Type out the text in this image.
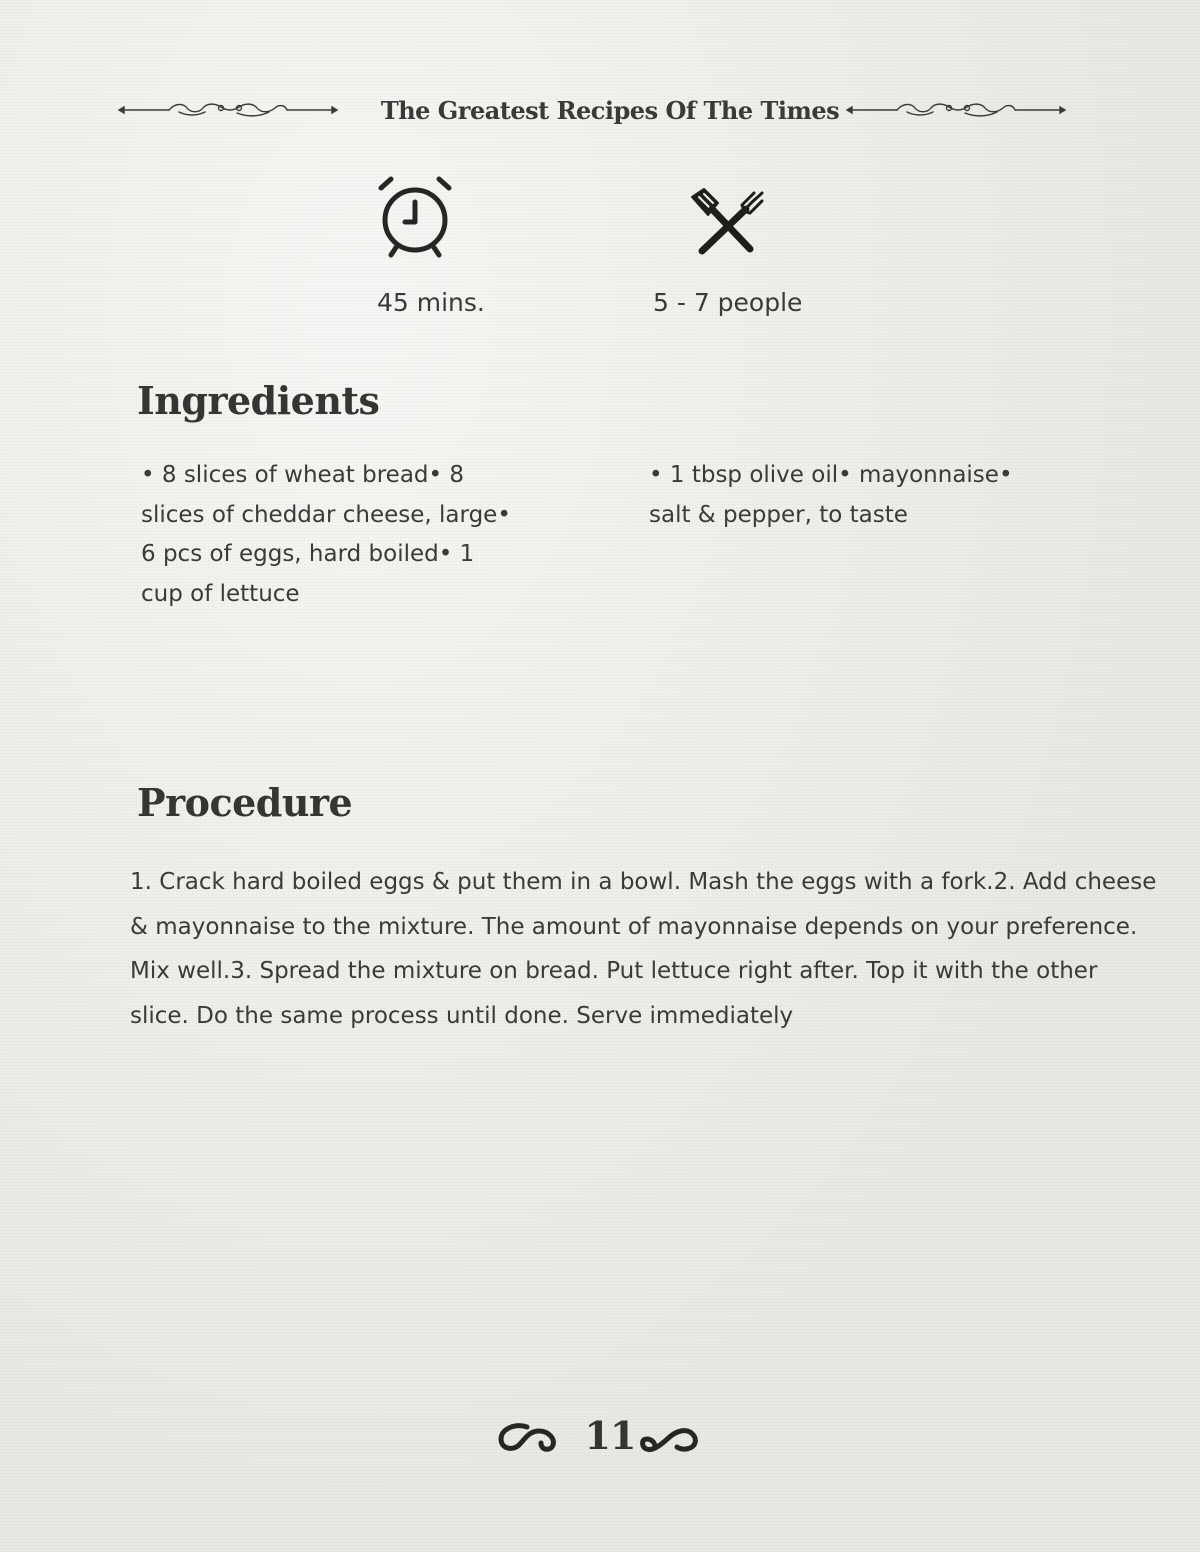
The Greatest Recipes Of The Times
45 mins.	5 - 7 people
Ingredients

• 8 slices of wheat bread• 8 slices of cheddar cheese, large• 6 pcs of eggs, hard boiled• 1 cup of lettuce

• 1 tbsp olive oil• mayonnaise• salt & pepper, to taste

Procedure

1. Crack hard boiled eggs & put them in a bowl. Mash the eggs with a fork.2. Add cheese & mayonnaise to the mixture. The amount of mayonnaise depends on your preference. Mix well.3. Spread the mixture on bread. Put lettuce right after. Top it with the other slice. Do the same process until done. Serve immediately

11
